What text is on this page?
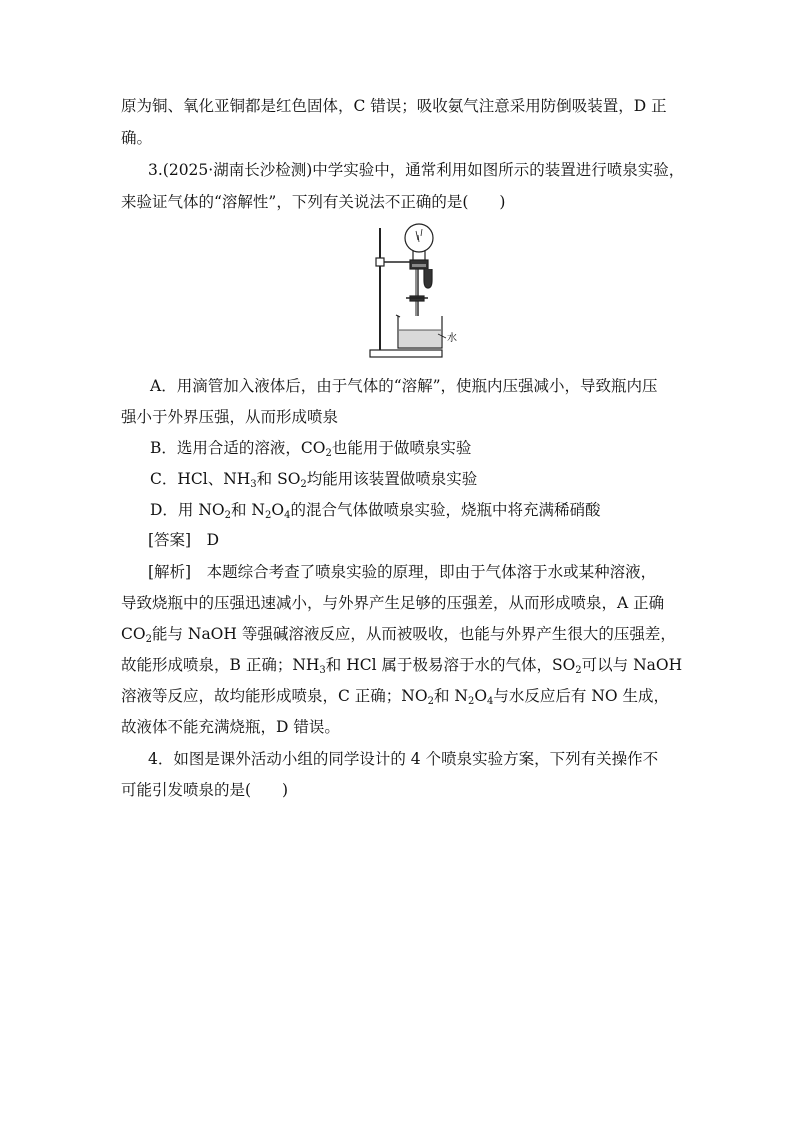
原为铜、氧化亚铜都是红色固体，C 错误；吸收氨气注意采用防倒吸装置，D 正
确。
3.(2025·湖南长沙检测)中学实验中，通常利用如图所示的装置进行喷泉实验，
来验证气体的“溶解性”，下列有关说法不正确的是(　　)
水
A．用滴管加入液体后，由于气体的“溶解”，使瓶内压强减小，导致瓶内压
强小于外界压强，从而形成喷泉
B．选用合适的溶液，$CO_2$也能用于做喷泉实验
C．HCl、$NH_3$和 $SO_2$均能用该装置做喷泉实验
D．用 $NO_2$和 $N_2O_4$的混合气体做喷泉实验，烧瓶中将充满稀硝酸
[答案]　 D
[解析]　 本题综合考查了喷泉实验的原理，即由于气体溶于水或某种溶液，
导致烧瓶中的压强迅速减小，与外界产生足够的压强差，从而形成喷泉，A 正确
$CO_2$能与 NaOH 等强碱溶液反应，从而被吸收，也能与外界产生很大的压强差，
故能形成喷泉，B 正确；$NH_3$和 HCl 属于极易溶于水的气体，$SO_2$可以与 NaOH
溶液等反应，故均能形成喷泉，C 正确；$NO_2$和 $N_2O_4$与水反应后有 NO 生成，
故液体不能充满烧瓶，D 错误。
4．如图是课外活动小组的同学设计的 4 个喷泉实验方案，下列有关操作不
可能引发喷泉的是(　　)
